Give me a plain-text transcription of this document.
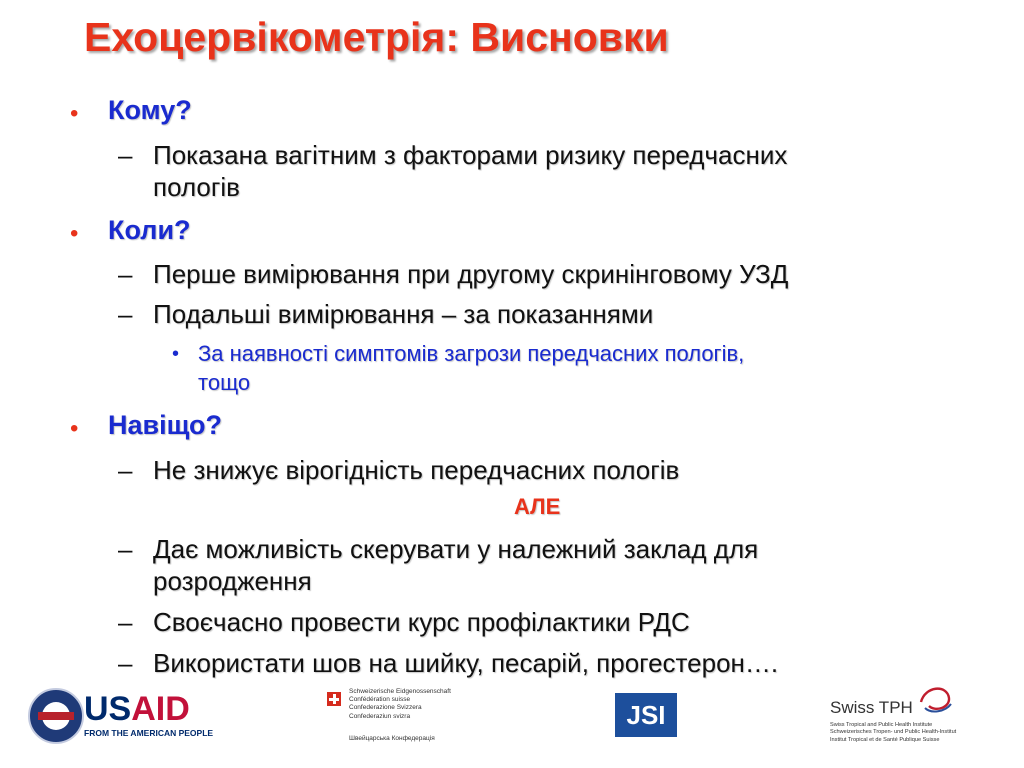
Ехоцервікометрія: Висновки
• Кому?
– Показана вагітним з факторами ризику передчасних
пологів
• Коли?
– Перше вимірювання при другому скринінговому УЗД
– Подальші вимірювання – за показаннями
• За наявності симптомів загрози передчасних пологів,
тощо
• Навіщо?
– Не знижує вірогідність передчасних пологів
АЛЕ
– Дає можливість скерувати у належний заклад для
розродження
– Своєчасно провести курс профілактики РДС
– Використати шов на шийку, песарій, прогестерон….
USAID
FROM THE AMERICAN PEOPLE
Schweizerische Eidgenossenschaft
Confédération suisse
Confederazione Svizzera
Confederaziun svizra
Швейцарська Конфедерація
JSI	Swiss TPH
Swiss Tropical and Public Health Institute
Schweizerisches Tropen- und Public Health-Institut
Institut Tropical et de Santé Publique Suisse
